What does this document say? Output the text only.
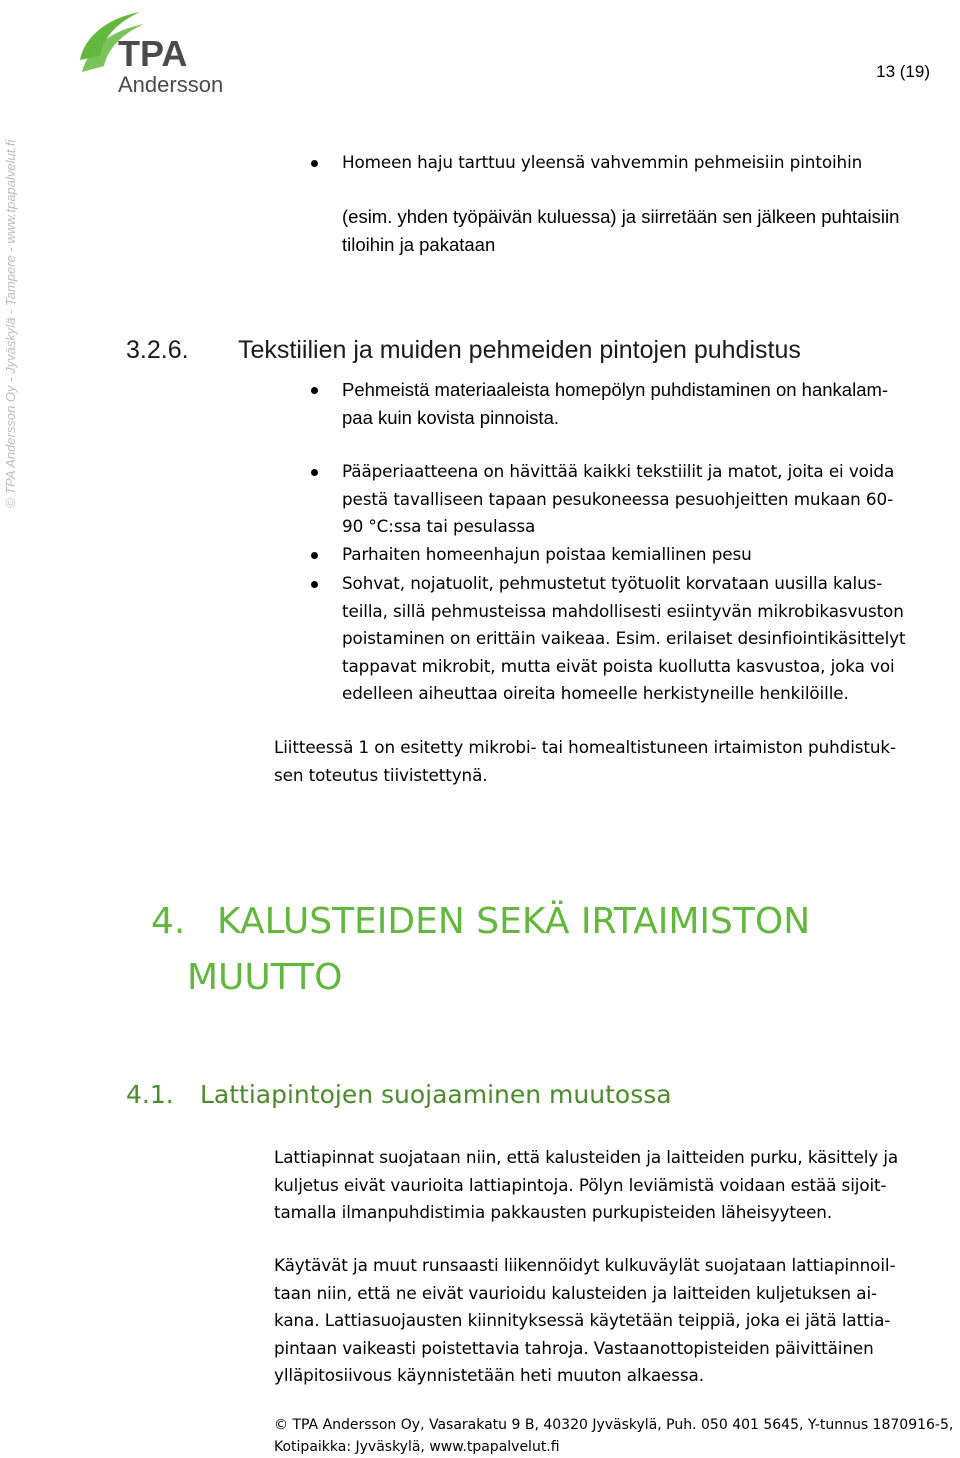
TPA
Andersson
13 (19)
© TPA Andersson Oy - Jyväskylä - Tampere - www.tpapalvelut.fi	(esim. yhden työpäivän kuluessa) ja siirretään sen jälkeen puhtaisiin
tiloihin ja pakataan
3.2.6. Tekstiilien ja muiden pehmeiden pintojen puhdistus
Pehmeistä materiaaleista homepölyn puhdistaminen on hankalam-
paa kuin kovista pinnoista.
Homeen haju tarttuu yleensä vahvemmin pehmeisiin pintoihin
Pääperiaatteena on hävittää kaikki tekstiilit ja matot, joita ei voida
pestä tavalliseen tapaan pesukoneessa pesuohjeitten mukaan 60-
90 °C:ssa tai pesulassa
Parhaiten homeenhajun poistaa kemiallinen pesu
Sohvat, nojatuolit, pehmustetut työtuolit korvataan uusilla kalus-
teilla, sillä pehmusteissa mahdollisesti esiintyvän mikrobikasvuston
poistaminen on erittäin vaikeaa. Esim. erilaiset desinfiointikäsittelyt
tappavat mikrobit, mutta eivät poista kuollutta kasvustoa, joka voi
edelleen aiheuttaa oireita homeelle herkistyneille henkilöille.
Liitteessä 1 on esitetty mikrobi- tai homealtistuneen irtaimiston puhdistuk-
sen toteutus tiivistettynä.
4. KALUSTEIDEN SEKÄ IRTAIMISTON
MUUTTO
4.1. Lattiapintojen suojaaminen muutossa
Lattiapinnat suojataan niin, että kalusteiden ja laitteiden purku, käsittely ja
kuljetus eivät vaurioita lattiapintoja. Pölyn leviämistä voidaan estää sijoit-
tamalla ilmanpuhdistimia pakkausten purkupisteiden läheisyyteen.
Käytävät ja muut runsaasti liikennöidyt kulkuväylät suojataan lattiapinnoil-
taan niin, että ne eivät vaurioidu kalusteiden ja laitteiden kuljetuksen ai-
kana. Lattiasuojausten kiinnityksessä käytetään teippiä, joka ei jätä lattia-
pintaan vaikeasti poistettavia tahroja. Vastaanottopisteiden päivittäinen
ylläpitosiivous käynnistetään heti muuton alkaessa.
© TPA Andersson Oy, Vasarakatu 9 B, 40320 Jyväskylä, Puh. 050 401 5645, Y-tunnus 1870916-5,
Kotipaikka: Jyväskylä, www.tpapalvelut.fi
